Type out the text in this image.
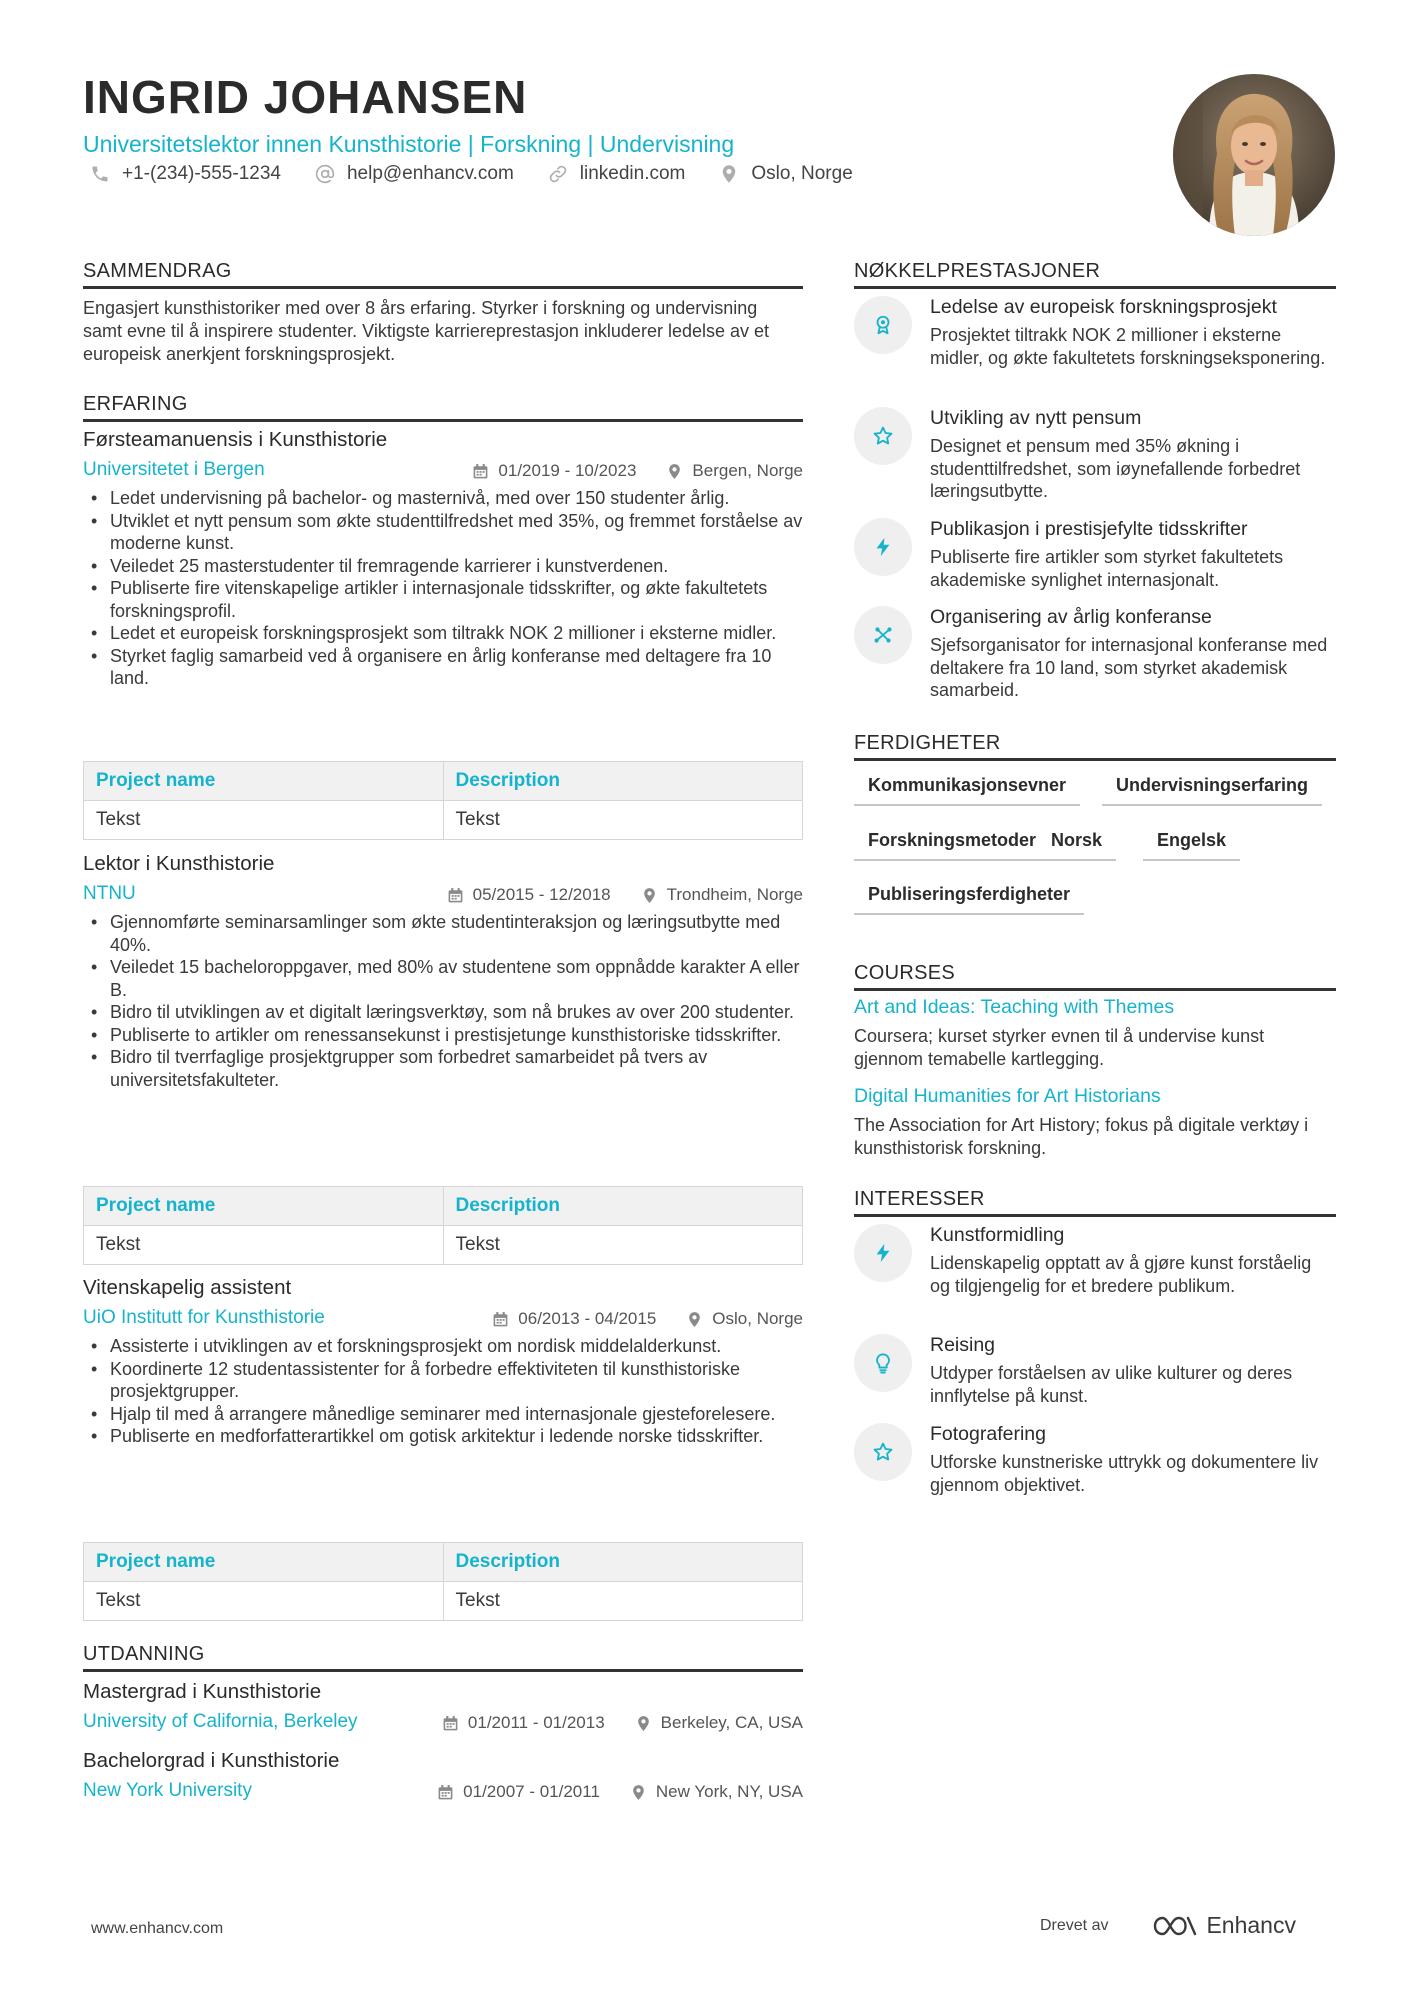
INGRID JOHANSEN
Universitetslektor innen Kunsthistorie | Forskning | Undervisning
+1-(234)-555-1234	help@enhancv.com	linkedin.com	Oslo, Norge
SAMMENDRAG
Engasjert kunsthistoriker med over 8 års erfaring. Styrker i forskning og undervisning samt evne til å inspirere studenter. Viktigste karriereprestasjon inkluderer ledelse av et europeisk anerkjent forskningsprosjekt.
ERFARING
Førsteamanuensis i Kunsthistorie
Universitetet i Bergen	01/2019 - 10/2023	Bergen, Norge
• Ledet undervisning på bachelor- og masternivå, med over 150 studenter årlig.
• Utviklet et nytt pensum som økte studenttilfredshet med 35%, og fremmet forståelse av moderne kunst.
• Veiledet 25 masterstudenter til fremragende karrierer i kunstverdenen.
• Publiserte fire vitenskapelige artikler i internasjonale tidsskrifter, og økte fakultetets forskningsprofil.
• Ledet et europeisk forskningsprosjekt som tiltrakk NOK 2 millioner i eksterne midler.
• Styrket faglig samarbeid ved å organisere en årlig konferanse med deltagere fra 10 land.
Project name	Description
Tekst	Tekst
Lektor i Kunsthistorie
NTNU	05/2015 - 12/2018	Trondheim, Norge
• Gjennomførte seminarsamlinger som økte studentinteraksjon og læringsutbytte med 40%.
• Veiledet 15 bacheloroppgaver, med 80% av studentene som oppnådde karakter A eller B.
• Bidro til utviklingen av et digitalt læringsverktøy, som nå brukes av over 200 studenter.
• Publiserte to artikler om renessansekunst i prestisjetunge kunsthistoriske tidsskrifter.
• Bidro til tverrfaglige prosjektgrupper som forbedret samarbeidet på tvers av universitetsfakulteter.
Project name	Description
Tekst	Tekst
Vitenskapelig assistent
UiO Institutt for Kunsthistorie	06/2013 - 04/2015	Oslo, Norge
• Assisterte i utviklingen av et forskningsprosjekt om nordisk middelalderkunst.
• Koordinerte 12 studentassistenter for å forbedre effektiviteten til kunsthistoriske prosjektgrupper.
• Hjalp til med å arrangere månedlige seminarer med internasjonale gjesteforelesere.
• Publiserte en medforfatterartikkel om gotisk arkitektur i ledende norske tidsskrifter.
Project name	Description
Tekst	Tekst
UTDANNING
Mastergrad i Kunsthistorie
University of California, Berkeley	01/2011 - 01/2013	Berkeley, CA, USA
Bachelorgrad i Kunsthistorie
New York University	01/2007 - 01/2011	New York, NY, USA
NØKKELPRESTASJONER
Ledelse av europeisk forskningsprosjekt
Prosjektet tiltrakk NOK 2 millioner i eksterne midler, og økte fakultetets forskningseksponering.
Utvikling av nytt pensum
Designet et pensum med 35% økning i studenttilfredshet, som iøynefallende forbedret læringsutbytte.
Publikasjon i prestisjefylte tidsskrifter
Publiserte fire artikler som styrket fakultetets akademiske synlighet internasjonalt.
Organisering av årlig konferanse
Sjefsorganisator for internasjonal konferanse med deltakere fra 10 land, som styrket akademisk samarbeid.
FERDIGHETER
Kommunikasjonsevner	Undervisningserfaring
Forskningsmetoder Norsk	Engelsk
Publiseringsferdigheter
COURSES
Art and Ideas: Teaching with Themes
Coursera; kurset styrker evnen til å undervise kunst gjennom temabelle kartlegging.
Digital Humanities for Art Historians
The Association for Art History; fokus på digitale verktøy i kunsthistorisk forskning.
INTERESSER
Kunstformidling
Lidenskapelig opptatt av å gjøre kunst forståelig og tilgjengelig for et bredere publikum.
Reising
Utdyper forståelsen av ulike kulturer og deres innflytelse på kunst.
Fotografering
Utforske kunstneriske uttrykk og dokumentere liv gjennom objektivet.
www.enhancv.com	Drevet av	Enhancv
